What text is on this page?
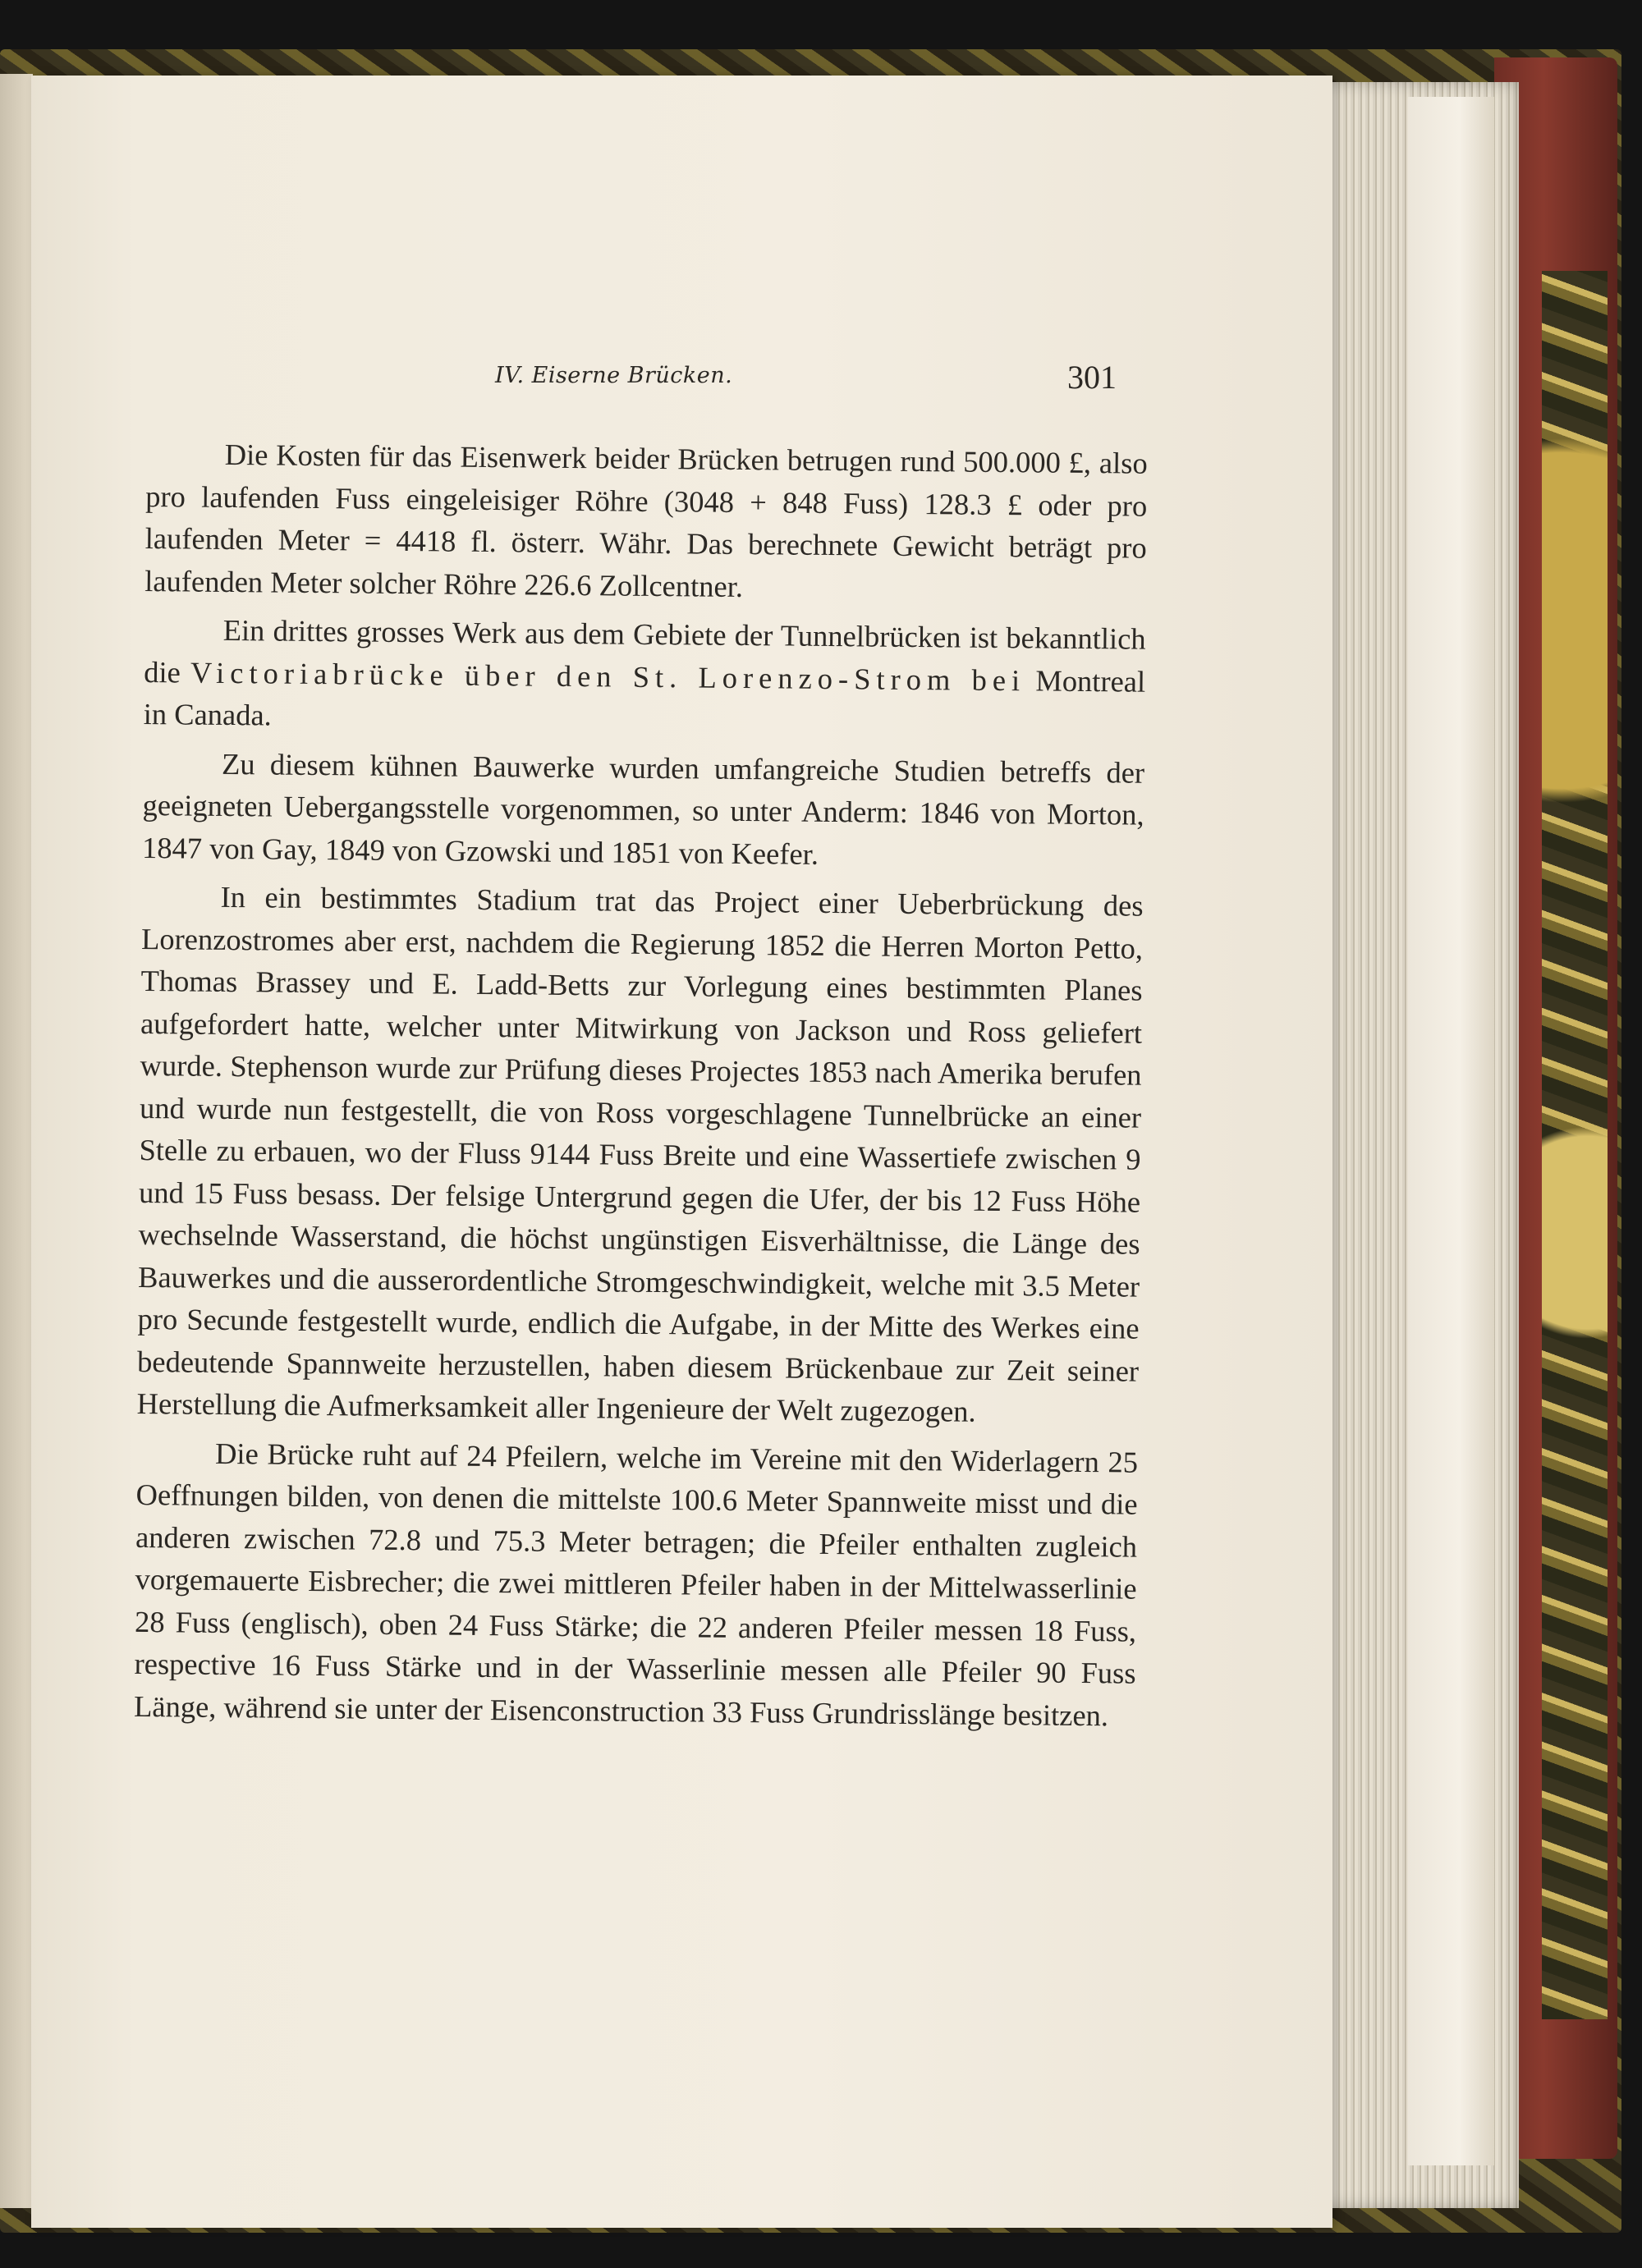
IV. Eiserne Brücken.	301

Die Kosten für das Eisenwerk beider Brücken betrugen rund 500.000 £, also pro laufenden Fuss eingeleisiger Röhre (3048 + 848 Fuss) 128.3 £ oder pro laufenden Meter = 4418 fl. österr. Währ. Das berechnete Gewicht beträgt pro laufenden Meter solcher Röhre 226.6 Zollcentner.

Ein drittes grosses Werk aus dem Gebiete der Tunnelbrücken ist bekanntlich die Victoriabrücke über den St. Lorenzo-Strom bei Montreal in Canada.

Zu diesem kühnen Bauwerke wurden umfangreiche Studien betreffs der geeigneten Uebergangsstelle vorgenommen, so unter Anderm: 1846 von Morton, 1847 von Gay, 1849 von Gzowski und 1851 von Keefer.

In ein bestimmtes Stadium trat das Project einer Ueberbrückung des Lorenzostromes aber erst, nachdem die Regierung 1852 die Herren Morton Petto, Thomas Brassey und E. Ladd-Betts zur Vorlegung eines bestimmten Planes aufgefordert hatte, welcher unter Mitwirkung von Jackson und Ross geliefert wurde. Stephenson wurde zur Prüfung dieses Projectes 1853 nach Amerika berufen und wurde nun festgestellt, die von Ross vorgeschlagene Tunnelbrücke an einer Stelle zu erbauen, wo der Fluss 9144 Fuss Breite und eine Wassertiefe zwischen 9 und 15 Fuss besass. Der felsige Untergrund gegen die Ufer, der bis 12 Fuss Höhe wechselnde Wasserstand, die höchst ungünstigen Eisverhältnisse, die Länge des Bauwerkes und die ausserordentliche Stromgeschwindigkeit, welche mit 3.5 Meter pro Secunde festgestellt wurde, endlich die Aufgabe, in der Mitte des Werkes eine bedeutende Spannweite herzustellen, haben diesem Brückenbaue zur Zeit seiner Herstellung die Aufmerksamkeit aller Ingenieure der Welt zugezogen.

Die Brücke ruht auf 24 Pfeilern, welche im Vereine mit den Widerlagern 25 Oeffnungen bilden, von denen die mittelste 100.6 Meter Spannweite misst und die anderen zwischen 72.8 und 75.3 Meter betragen; die Pfeiler enthalten zugleich vorgemauerte Eisbrecher; die zwei mittleren Pfeiler haben in der Mittelwasserlinie 28 Fuss (englisch), oben 24 Fuss Stärke; die 22 anderen Pfeiler messen 18 Fuss, respective 16 Fuss Stärke und in der Wasserlinie messen alle Pfeiler 90 Fuss Länge, während sie unter der Eisenconstruction 33 Fuss Grundrisslänge besitzen.
